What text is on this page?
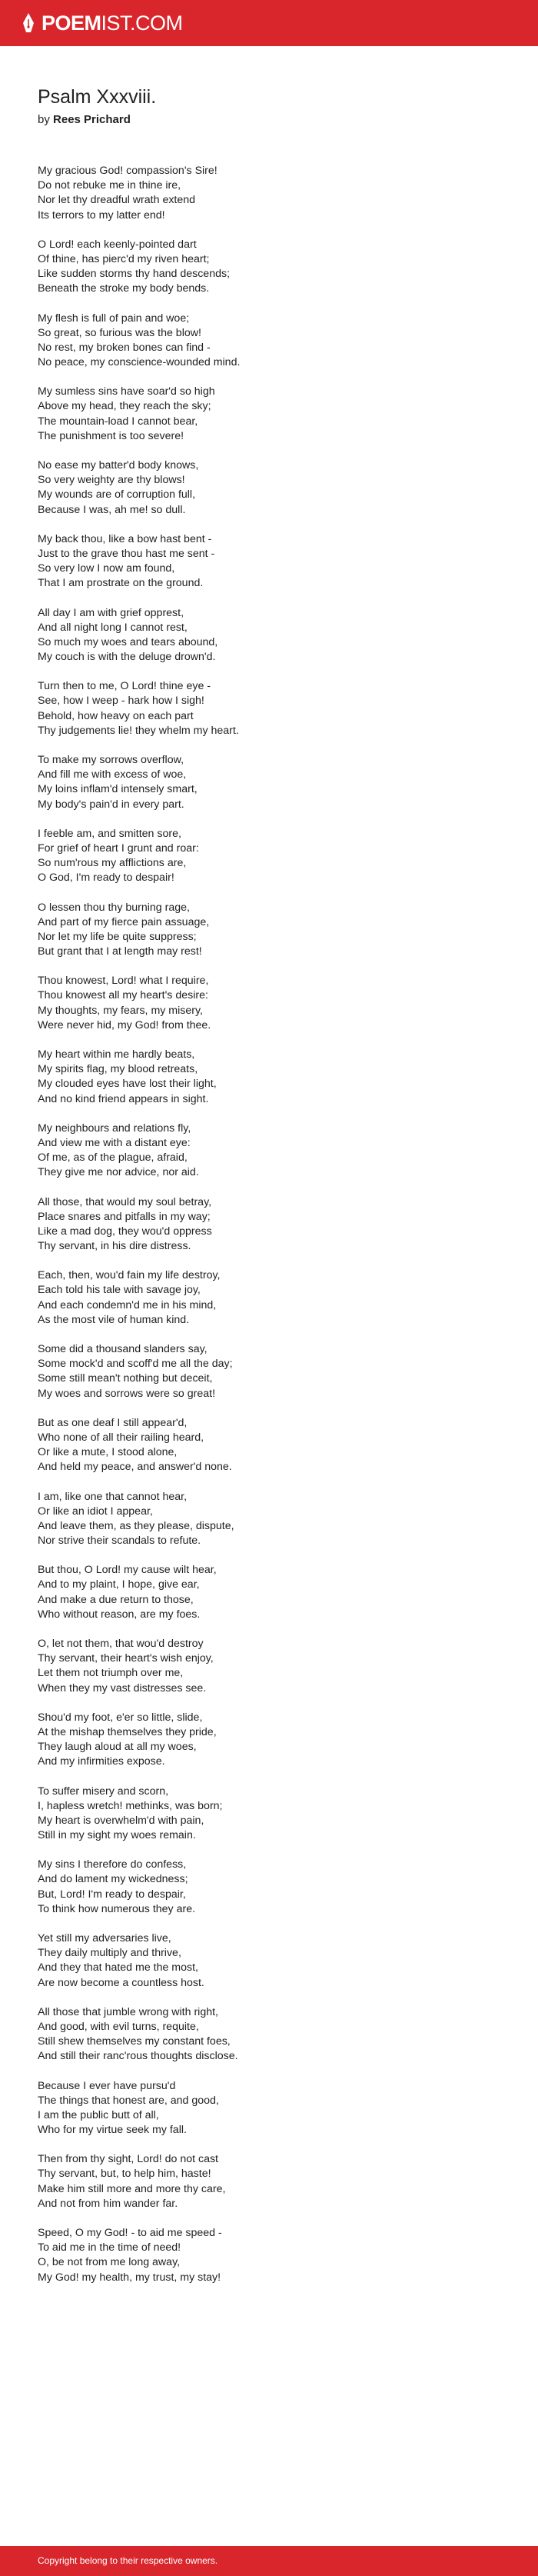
POEMIST.COM
Psalm Xxxviii.
by Rees Prichard
My gracious God! compassion's Sire!
Do not rebuke me in thine ire,
Nor let thy dreadful wrath extend
Its terrors to my latter end!
O Lord! each keenly-pointed dart
Of thine, has pierc'd my riven heart;
Like sudden storms thy hand descends;
Beneath the stroke my body bends.
My flesh is full of pain and woe;
So great, so furious was the blow!
No rest, my broken bones can find -
No peace, my conscience-wounded mind.
My sumless sins have soar'd so high
Above my head, they reach the sky;
The mountain-load I cannot bear,
The punishment is too severe!
No ease my batter'd body knows,
So very weighty are thy blows!
My wounds are of corruption full,
Because I was, ah me! so dull.
My back thou, like a bow hast bent -
Just to the grave thou hast me sent -
So very low I now am found,
That I am prostrate on the ground.
All day I am with grief opprest,
And all night long I cannot rest,
So much my woes and tears abound,
My couch is with the deluge drown'd.
Turn then to me, O Lord! thine eye -
See, how I weep - hark how I sigh!
Behold, how heavy on each part
Thy judgements lie! they whelm my heart.
To make my sorrows overflow,
And fill me with excess of woe,
My loins inflam'd intensely smart,
My body's pain'd in every part.
I feeble am, and smitten sore,
For grief of heart I grunt and roar:
So num'rous my afflictions are,
O God, I'm ready to despair!
O lessen thou thy burning rage,
And part of my fierce pain assuage,
Nor let my life be quite suppress;
But grant that I at length may rest!
Thou knowest, Lord! what I require,
Thou knowest all my heart's desire:
My thoughts, my fears, my misery,
Were never hid, my God! from thee.
My heart within me hardly beats,
My spirits flag, my blood retreats,
My clouded eyes have lost their light,
And no kind friend appears in sight.
My neighbours and relations fly,
And view me with a distant eye:
Of me, as of the plague, afraid,
They give me nor advice, nor aid.
All those, that would my soul betray,
Place snares and pitfalls in my way;
Like a mad dog, they wou'd oppress
Thy servant, in his dire distress.
Each, then, wou'd fain my life destroy,
Each told his tale with savage joy,
And each condemn'd me in his mind,
As the most vile of human kind.
Some did a thousand slanders say,
Some mock'd and scoff'd me all the day;
Some still mean't nothing but deceit,
My woes and sorrows were so great!
But as one deaf I still appear'd,
Who none of all their railing heard,
Or like a mute, I stood alone,
And held my peace, and answer'd none.
I am, like one that cannot hear,
Or like an idiot I appear,
And leave them, as they please, dispute,
Nor strive their scandals to refute.
But thou, O Lord! my cause wilt hear,
And to my plaint, I hope, give ear,
And make a due return to those,
Who without reason, are my foes.
O, let not them, that wou'd destroy
Thy servant, their heart's wish enjoy,
Let them not triumph over me,
When they my vast distresses see.
Shou'd my foot, e'er so little, slide,
At the mishap themselves they pride,
They laugh aloud at all my woes,
And my infirmities expose.
To suffer misery and scorn,
I, hapless wretch! methinks, was born;
My heart is overwhelm'd with pain,
Still in my sight my woes remain.
My sins I therefore do confess,
And do lament my wickedness;
But, Lord! I'm ready to despair,
To think how numerous they are.
Yet still my adversaries live,
They daily multiply and thrive,
And they that hated me the most,
Are now become a countless host.
All those that jumble wrong with right,
And good, with evil turns, requite,
Still shew themselves my constant foes,
And still their ranc'rous thoughts disclose.
Because I ever have pursu'd
The things that honest are, and good,
I am the public butt of all,
Who for my virtue seek my fall.
Then from thy sight, Lord! do not cast
Thy servant, but, to help him, haste!
Make him still more and more thy care,
And not from him wander far.
Speed, O my God! - to aid me speed -
To aid me in the time of need!
O, be not from me long away,
My God! my health, my trust, my stay!
Copyright belong to their respective owners.
